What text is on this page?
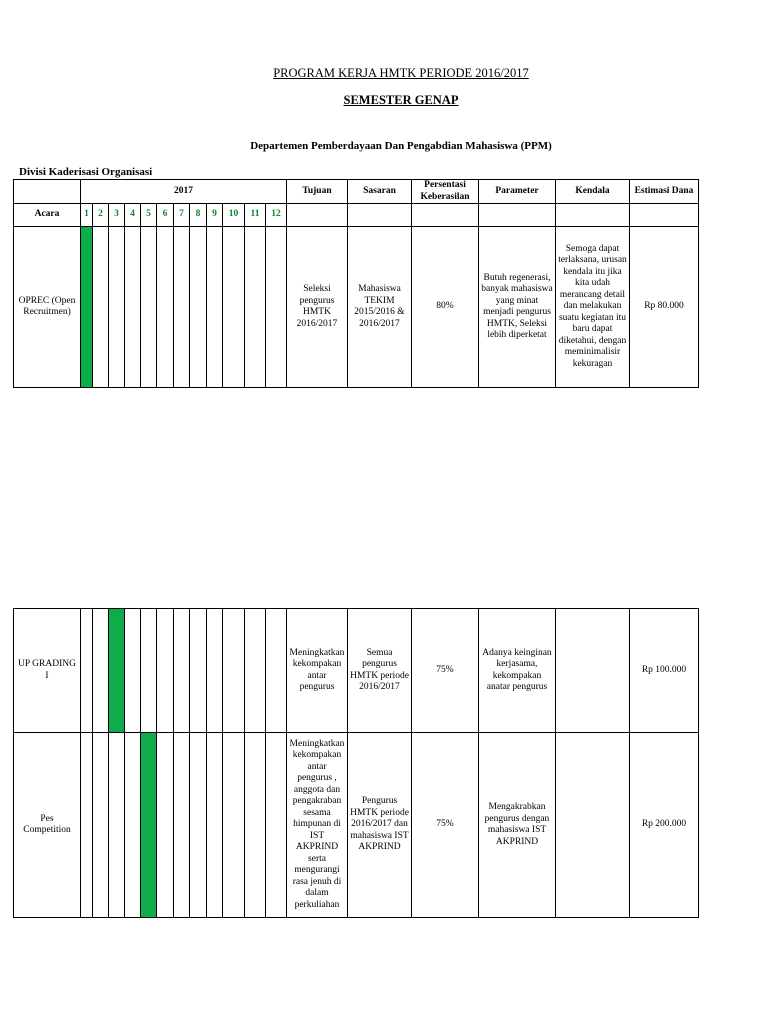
PROGRAM KERJA HMTK PERIODE 2016/2017
SEMESTER GENAP
Departemen Pemberdayaan Dan Pengabdian Mahasiswa (PPM)
Divisi Kaderisasi Organisasi
	2017												Tujuan	Sasaran	Persentasi Keberasilan	Parameter	Kendala	Estimasi Dana
Acara	1	2	3	4	5	6	7	8	9	10	11	12						
OPREC (Open Recruitmen)													Seleksi pengurus HMTK 2016/2017	Mahasiswa TEKIM 2015/2016 & 2016/2017	80%	Butuh regenerasi, banyak mahasiswa yang minat menjadi pengurus HMTK, Seleksi lebih diperketat	Semoga dapat terlaksana, urusan kendala itu jika kita udah merancang detail dan melakukan suatu kegiatan itu baru dapat diketahui, dengan meminimalisir kekuragan	Rp 80.000
UP GRADING I													Meningkatkan kekompakan antar pengurus	Semua pengurus HMTK periode 2016/2017	75%	Adanya keinginan kerjasama, kekompakan anatar pengurus		Rp 100.000
Pes Competition													Meningkatkan kekompakan antar pengurus , anggota dan pengakraban sesama himpunan di IST AKPRIND serta mengurangi rasa jenuh di dalam perkuliahan	Pengurus HMTK periode 2016/2017 dan mahasiswa IST AKPRIND	75%	Mengakrabkan pengurus dengan mahasiswa IST AKPRIND		Rp 200.000
